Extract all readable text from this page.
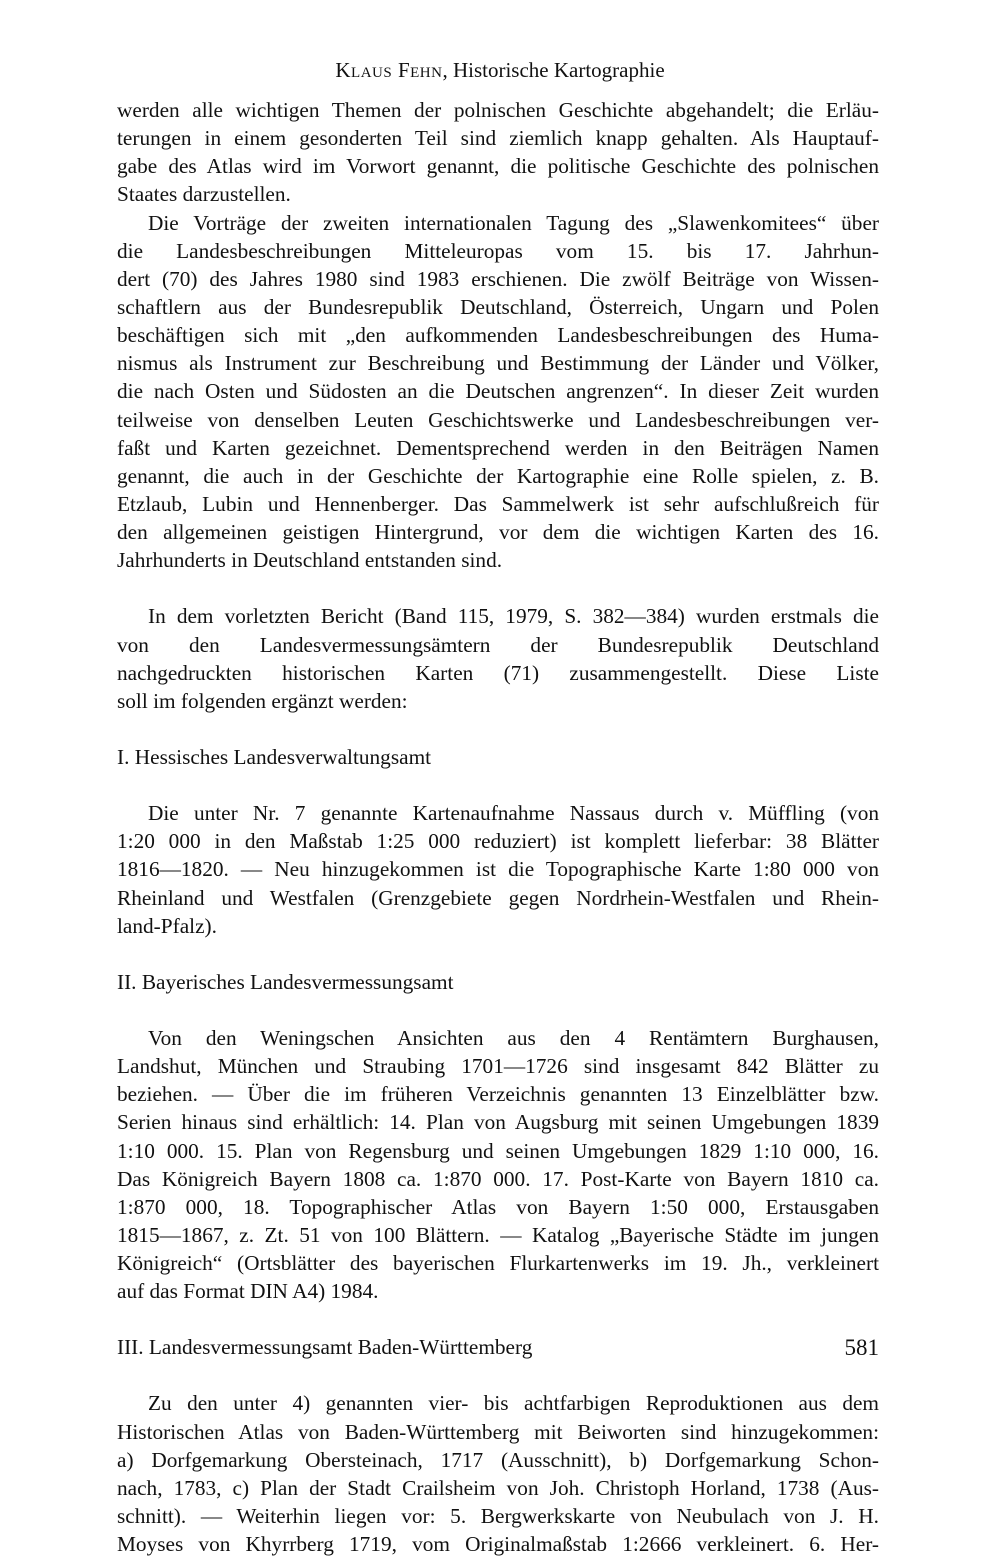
Klaus Fehn, Historische Kartographie
werden alle wichtigen Themen der polnischen Geschichte abgehandelt; die Erläu-
terungen in einem gesonderten Teil sind ziemlich knapp gehalten. Als Hauptauf-
gabe des Atlas wird im Vorwort genannt, die politische Geschichte des polnischen
Staates darzustellen.
Die Vorträge der zweiten internationalen Tagung des „Slawenkomitees“ über
die Landesbeschreibungen Mitteleuropas vom 15. bis 17. Jahrhun-
dert (70) des Jahres 1980 sind 1983 erschienen. Die zwölf Beiträge von Wissen-
schaftlern aus der Bundesrepublik Deutschland, Österreich, Ungarn und Polen
beschäftigen sich mit „den aufkommenden Landesbeschreibungen des Huma-
nismus als Instrument zur Beschreibung und Bestimmung der Länder und Völker,
die nach Osten und Südosten an die Deutschen angrenzen“. In dieser Zeit wurden
teilweise von denselben Leuten Geschichtswerke und Landesbeschreibungen ver-
faßt und Karten gezeichnet. Dementsprechend werden in den Beiträgen Namen
genannt, die auch in der Geschichte der Kartographie eine Rolle spielen, z. B.
Etzlaub, Lubin und Hennenberger. Das Sammelwerk ist sehr aufschlußreich für
den allgemeinen geistigen Hintergrund, vor dem die wichtigen Karten des 16.
Jahrhunderts in Deutschland entstanden sind.
In dem vorletzten Bericht (Band 115, 1979, S. 382—384) wurden erstmals die
von den Landesvermessungsämtern der Bundesrepublik Deutschland
nachgedruckten historischen Karten (71) zusammengestellt. Diese Liste
soll im folgenden ergänzt werden:
I. Hessisches Landesverwaltungsamt
Die unter Nr. 7 genannte Kartenaufnahme Nassaus durch v. Müffling (von
1:20 000 in den Maßstab 1:25 000 reduziert) ist komplett lieferbar: 38 Blätter
1816—1820. — Neu hinzugekommen ist die Topographische Karte 1:80 000 von
Rheinland und Westfalen (Grenzgebiete gegen Nordrhein-Westfalen und Rhein-
land-Pfalz).
II. Bayerisches Landesvermessungsamt
Von den Weningschen Ansichten aus den 4 Rentämtern Burghausen,
Landshut, München und Straubing 1701—1726 sind insgesamt 842 Blätter zu
beziehen. — Über die im früheren Verzeichnis genannten 13 Einzelblätter bzw.
Serien hinaus sind erhältlich: 14. Plan von Augsburg mit seinen Umgebungen 1839
1:10 000. 15. Plan von Regensburg und seinen Umgebungen 1829 1:10 000, 16.
Das Königreich Bayern 1808 ca. 1:870 000. 17. Post-Karte von Bayern 1810 ca.
1:870 000, 18. Topographischer Atlas von Bayern 1:50 000, Erstausgaben
1815—1867, z. Zt. 51 von 100 Blättern. — Katalog „Bayerische Städte im jungen
Königreich“ (Ortsblätter des bayerischen Flurkartenwerks im 19. Jh., verkleinert
auf das Format DIN A4) 1984.
III. Landesvermessungsamt Baden-Württemberg
Zu den unter 4) genannten vier- bis achtfarbigen Reproduktionen aus dem
Historischen Atlas von Baden-Württemberg mit Beiworten sind hinzugekommen:
a) Dorfgemarkung Obersteinach, 1717 (Ausschnitt), b) Dorfgemarkung Schon-
nach, 1783, c) Plan der Stadt Crailsheim von Joh. Christoph Horland, 1738 (Aus-
schnitt). — Weiterhin liegen vor: 5. Bergwerkskarte von Neubulach von J. H.
Moyses von Khyrrberg 1719, vom Originalmaßstab 1:2666 verkleinert. 6. Her-
581
